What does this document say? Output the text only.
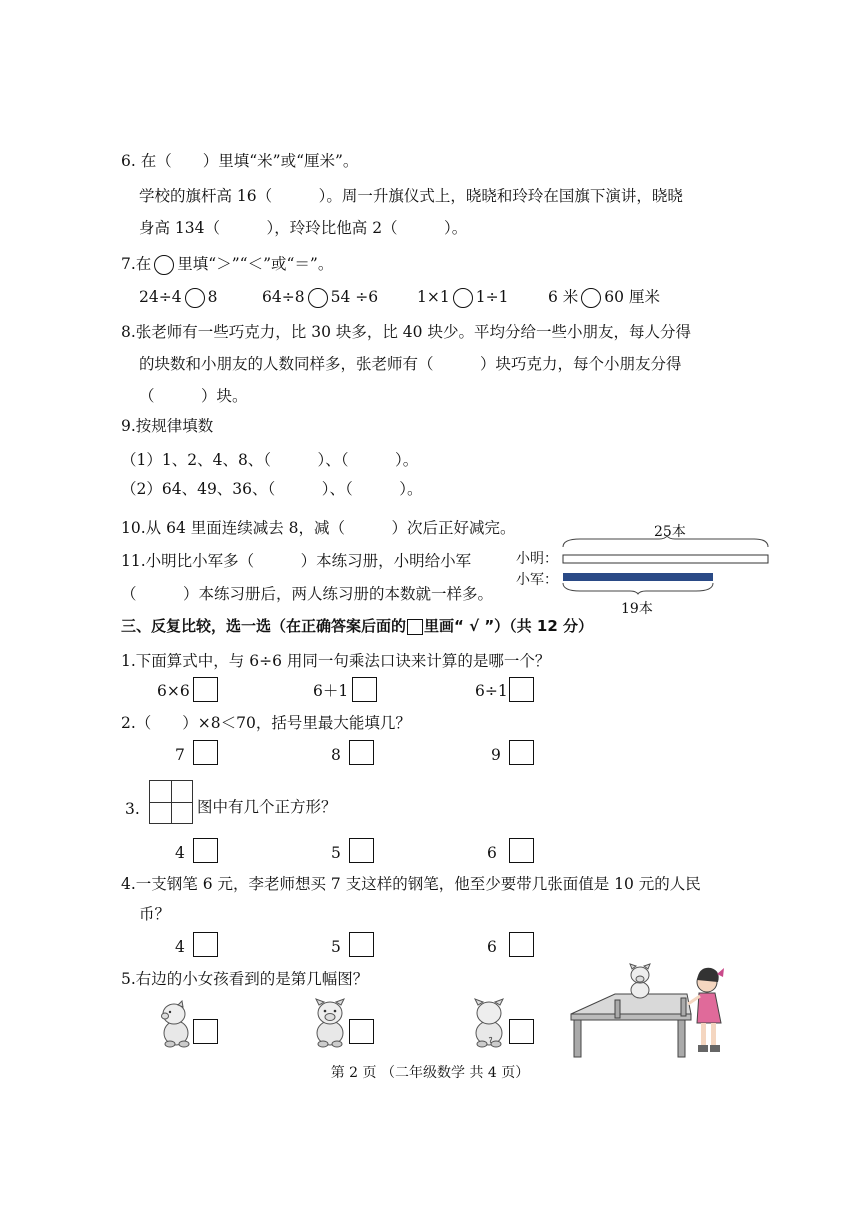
6. 在（　　）里填“米”或“厘米”。
学校的旗杆高 16（　　　）。周一升旗仪式上，晓晓和玲玲在国旗下演讲，晓晓
身高 134（　　　），玲玲比他高 2（　　　）。
7.在 里填“＞”“＜”或“＝”。
24÷4 8	64÷8 54 ÷6	1×1 1÷1	6 米 60 厘米
8.张老师有一些巧克力，比 30 块多，比 40 块少。平均分给一些小朋友，每人分得
的块数和小朋友的人数同样多，张老师有（　　　）块巧克力，每个小朋友分得
（　　　）块。
9.按规律填数
（1）1、2、4、8、（　　　）、（　　　）。
（2）64、49、36、（　　　）、（　　　）。
10.从 64 里面连续减去 8，减（　　　）次后正好减完。
11.小明比小军多（　　　）本练习册，小明给小军
（　　　）本练习册后，两人练习册的本数就一样多。
25本
小明：
小军：
19本
三、反复比较，选一选（在正确答案后面的 里画“ √ ”）（共 12 分）
1.下面算式中，与 6÷6 用同一句乘法口诀来计算的是哪一个？
6×6	6＋1	6÷1
2.（　　）×8＜70，括号里最大能填几？
7	8	9
3.	图中有几个正方形？
4	5	6
4.一支钢笔 6 元，李老师想买 7 支这样的钢笔，他至少要带几张面值是 10 元的人民
币？
4	5	6
5.右边的小女孩看到的是第几幅图？
第 2 页 （二年级数学 共 4 页）
